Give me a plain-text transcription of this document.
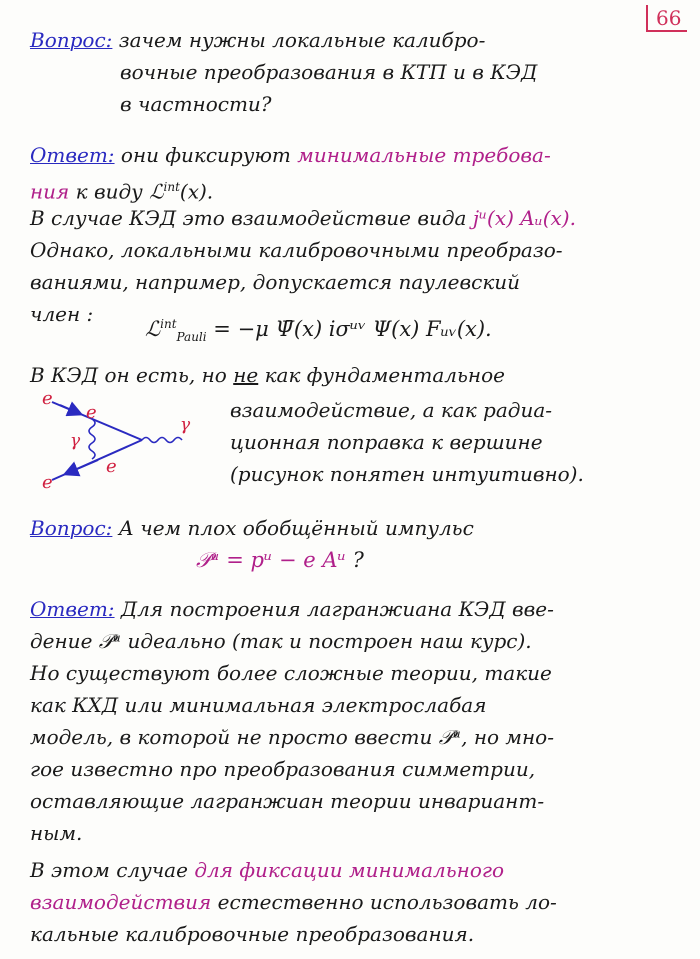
66
Вопрос: зачем нужны локальные калибро-
вочные преобразования в КТП и в КЭД
в частности?
Ответ: они фиксируют минимальные требова-
ния к виду ℒ$^{int}$(x).
В случае КЭД это взаимодействие вида jᵘ(x) Aᵤ(x).
Однако, локальными калибровочными преобразо-
ваниями, например, допускается паулевский
член :
ℒ$^{int}_{Pauli}$ = −μ Ψ̄(x) iσᵘᵛ Ψ(x) Fᵤᵥ(x).
В КЭД он есть, но не как фундаментальное
взаимодействие, а как радиа-
ционная поправка к вершине
(рисунок понятен интуитивно).
e
e
e
e
γ
γ
Вопрос: А чем плох обобщённый импульс
𝒫ᵘ = pᵘ − e Aᵘ ?
Ответ: Для построения лагранжиана КЭД вве-
дение 𝒫ᵘ идеально (так и построен наш курс).
Но существуют более сложные теории, такие
как КХД или минимальная электрослабая
модель, в которой не просто ввести 𝒫ᵘ, но мно-
гое известно про преобразования симметрии,
оставляющие лагранжиан теории инвариант-
ным.
В этом случае для фиксации минимального
взаимодействия естественно использовать ло-
кальные калибровочные преобразования.
